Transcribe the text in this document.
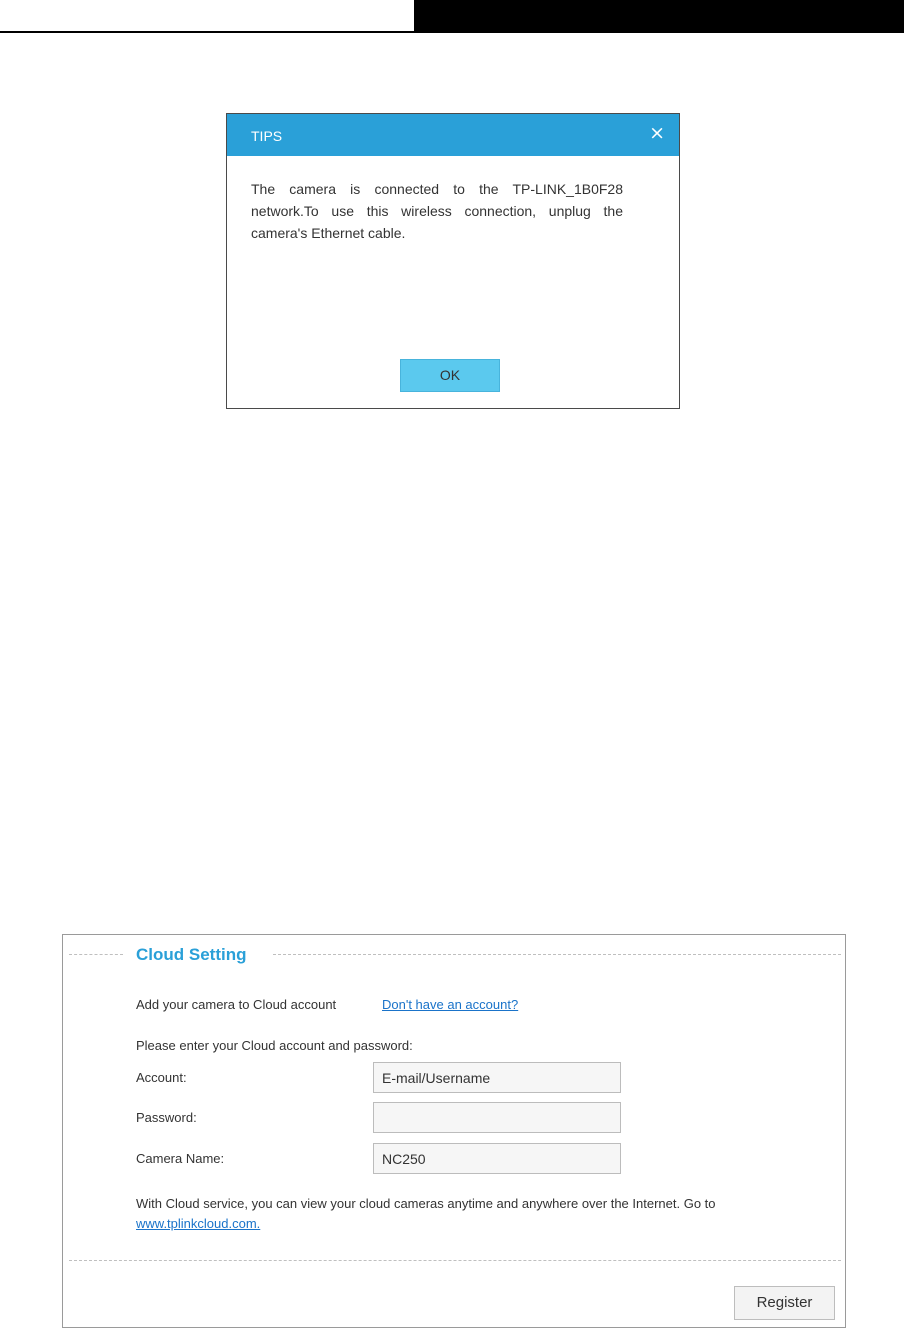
TIPS	×
The camera is connected to the TP-LINK_1B0F28 network.To use this wireless connection, unplug the camera's Ethernet cable.
OK
Cloud Setting
Add your camera to Cloud account	Don't have an account?
Please enter your Cloud account and password:
Account:
E-mail/Username
Password:
Camera Name:
NC250
With Cloud service, you can view your cloud cameras anytime and anywhere over the Internet. Go to
www.tplinkcloud.com.
Register
